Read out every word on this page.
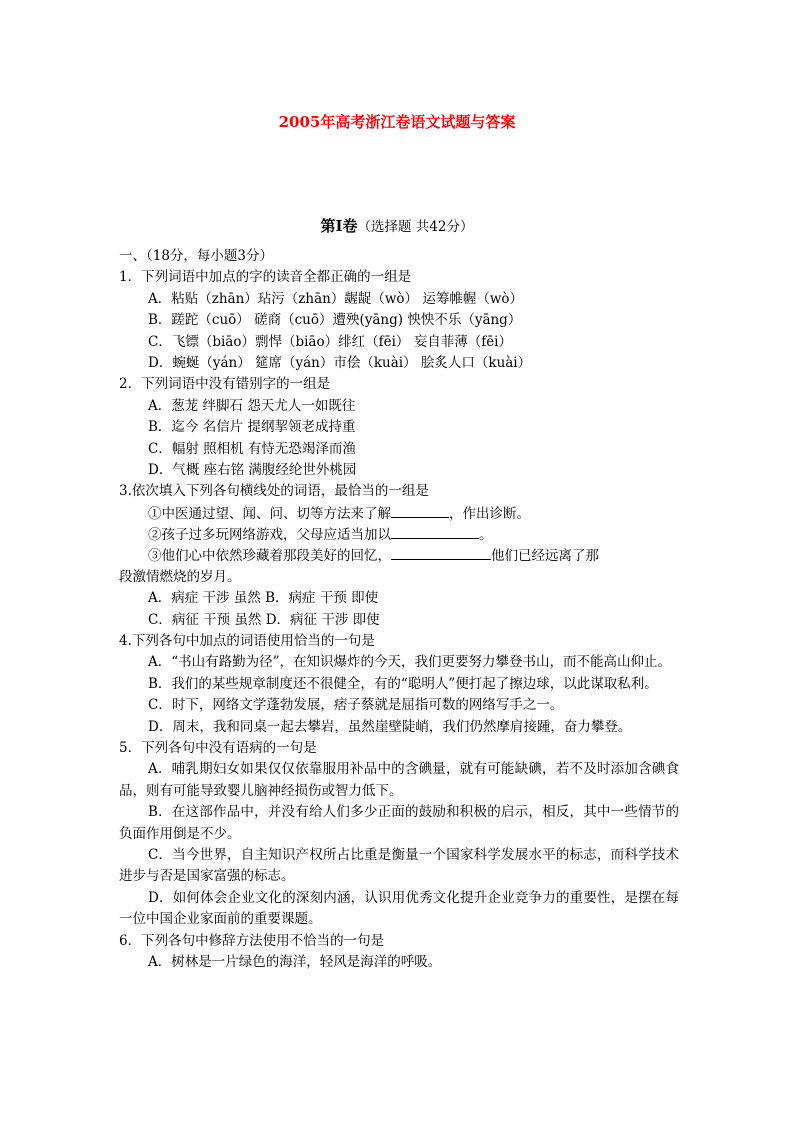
2005年高考浙江卷语文试题与答案
第Ⅰ卷（选择题 共42分）
一、（18分，每小题3分）
1．下列词语中加点的字的读音全都正确的一组是
A．粘贴（zhān）玷污（zhān）龌龊（wò） 运筹帷幄（wò）
B．蹉跎（cuō） 磋商（cuō）遭殃(yāng) 怏怏不乐（yāng）
C．飞镖（biāo）剽悍（biāo）绯红（fēi） 妄自菲薄（fēi）
D．蜿蜒（yán） 筵席（yán）市侩（kuài） 脍炙人口（kuài）
2．下列词语中没有错别字的一组是
A．葱茏 绊脚石 怨天尤人一如既往
B．迄今 名信片 提纲挈领老成持重
C．幅射 照相机 有恃无恐竭泽而渔
D．气概 座右铭 满腹经纶世外桃园
3.依次填入下列各句横线处的词语，最恰当的一组是
①中医通过望、闻、问、切等方法来了解	，作出诊断。
②孩子过多玩网络游戏，父母应适当加以	。
③他们心中依然珍藏着那段美好的回忆，	他们已经远离了那
段激情燃烧的岁月。
A．病症 干涉 虽然 B．病症 干预 即使
C．病征 干预 虽然 D．病征 干涉 即使
4.下列各句中加点的词语使用恰当的一句是
A．“书山有路勤为径”，在知识爆炸的今天，我们更要努力攀登书山，而不能高山仰止。
B．我们的某些规章制度还不很健全，有的“聪明人”便打起了擦边球，以此谋取私利。
C．时下，网络文学蓬勃发展，痞子蔡就是屈指可数的网络写手之一。
D．周末，我和同桌一起去攀岩，虽然崖壁陡峭，我们仍然摩肩接踵，奋力攀登。
5．下列各句中没有语病的一句是
A．哺乳期妇女如果仅仅依靠服用补品中的含碘量，就有可能缺碘，若不及时添加含碘食品，则有可能导致婴儿脑神经损伤或智力低下。
B．在这部作品中，并没有给人们多少正面的鼓励和积极的启示，相反，其中一些情节的负面作用倒是不少。
C．当今世界，自主知识产权所占比重是衡量一个国家科学发展水平的标志，而科学技术进步与否是国家富强的标志。
D．如何体会企业文化的深刻内涵，认识用优秀文化提升企业竞争力的重要性，是摆在每一位中国企业家面前的重要课题。
6．下列各句中修辞方法使用不恰当的一句是
A．树林是一片绿色的海洋，轻风是海洋的呼吸。
